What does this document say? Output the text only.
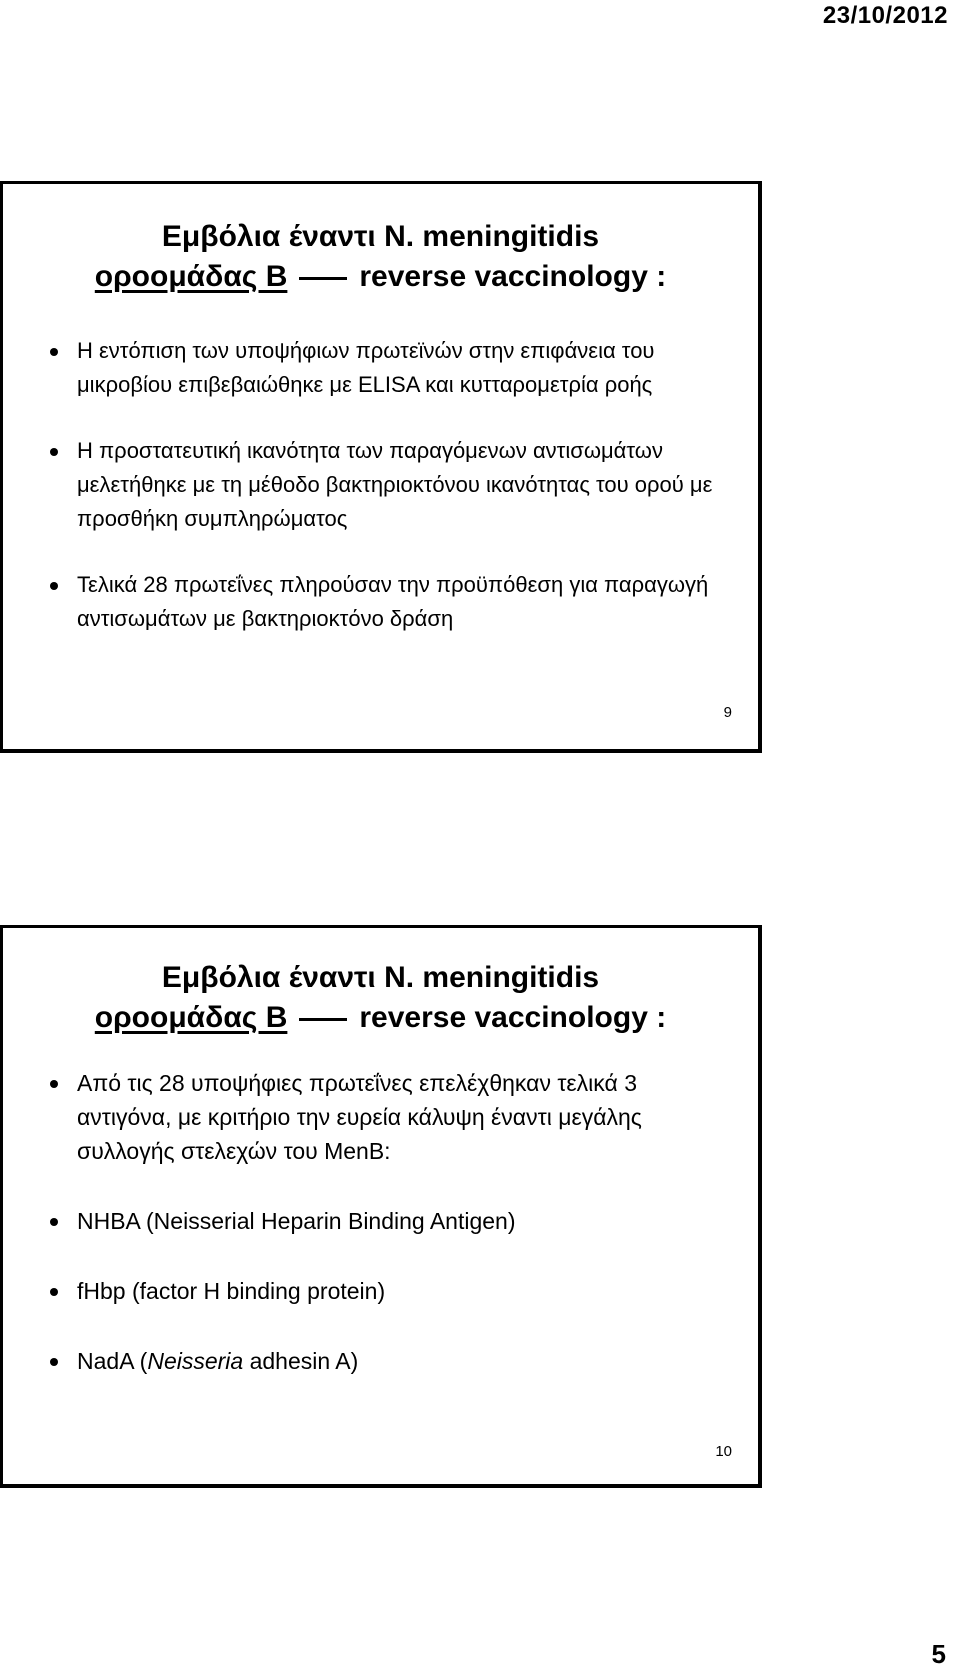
23/10/2012
Εμβόλια έναντι N. meningitidis
οροομάδας B reverse vaccinology :
Η εντόπιση των υποψήφιων πρωτεϊνών στην επιφάνεια του μικροβίου επιβεβαιώθηκε με ELISA και κυτταρομετρία ροής
Η προστατευτική ικανότητα των παραγόμενων αντισωμάτων μελετήθηκε με τη μέθοδο βακτηριοκτόνου ικανότητας του ορού με προσθήκη συμπληρώματος
Τελικά 28 πρωτεΐνες πληρούσαν την προϋπόθεση για παραγωγή αντισωμάτων με βακτηριοκτόνο δράση
9
Εμβόλια έναντι N. meningitidis
οροομάδας B reverse vaccinology :
Από τις 28 υποψήφιες πρωτεΐνες επελέχθηκαν τελικά 3 αντιγόνα, με κριτήριο την ευρεία κάλυψη έναντι μεγάλης συλλογής στελεχών του MenB:
NHBA (Neisserial Heparin Binding Antigen)
fHbp (factor H binding protein)
NadA (Neisseria adhesin A)
10
5
